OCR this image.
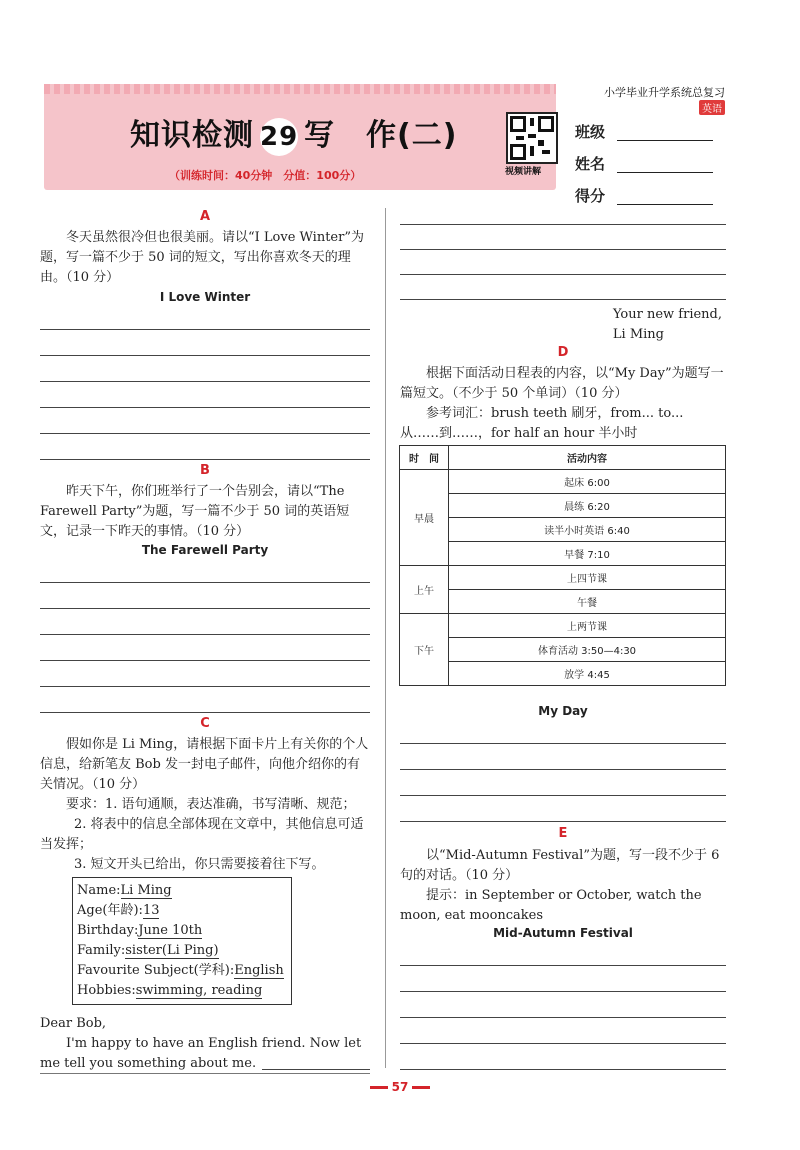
知识检测 29 写　作(二)
（训练时间：40分钟　分值：100分）	视频讲解
小学毕业升学系统总复习英语
班级
姓名
得分
A
冬天虽然很冷但也很美丽。请以“I Love Winter”为题，写一篇不少于 50 词的短文，写出你喜欢冬天的理由。（10 分）
I Love Winter
B
昨天下午，你们班举行了一个告别会，请以“The Farewell Party”为题，写一篇不少于 50 词的英语短文，记录一下昨天的事情。（10 分）
The Farewell Party
C
假如你是 Li Ming，请根据下面卡片上有关你的个人信息，给新笔友 Bob 发一封电子邮件，向他介绍你的有关情况。（10 分）
要求：1. 语句通顺，表达准确，书写清晰、规范；
2. 将表中的信息全部体现在文章中，其他信息可适当发挥；
3. 短文开头已给出，你只需要接着往下写。
Name:Li Ming
Age(年龄):13
Birthday:June 10th
Family:sister(Li Ping)
Favourite Subject(学科):English
Hobbies:swimming, reading
Dear Bob,
I'm happy to have an English friend. Now let me tell you something about me.
Your new friend,
Li Ming
D
根据下面活动日程表的内容，以“My Day”为题写一篇短文。（不少于 50 个单词）（10 分）
参考词汇：brush teeth 刷牙，from... to... 从……到……，for half an hour 半小时
时　间	活动内容
早晨	起床 6:00
	晨练 6:20
	读半小时英语 6:40
	早餐 7:10
上午	上四节课
	午餐
下午	上两节课
	体育活动 3:50—4:30
	放学 4:45
My Day
E
以“Mid-Autumn Festival”为题，写一段不少于 6 句的对话。（10 分）
提示：in September or October, watch the moon, eat mooncakes
Mid-Autumn Festival
57
